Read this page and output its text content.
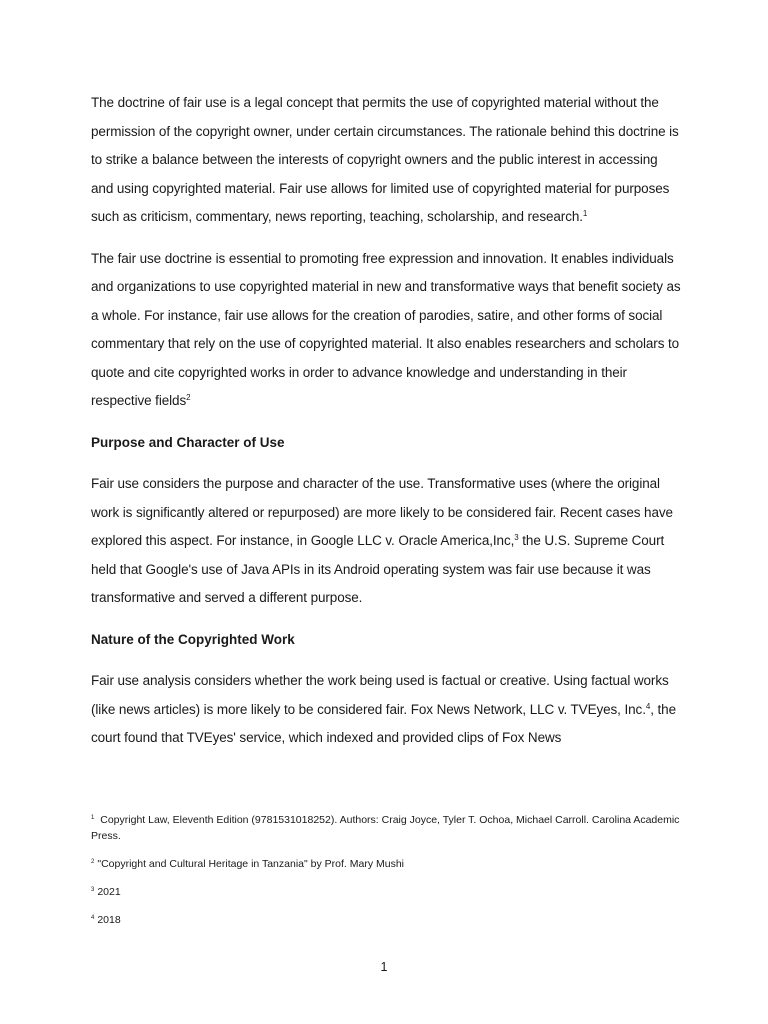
The doctrine of fair use is a legal concept that permits the use of copyrighted material without the permission of the copyright owner, under certain circumstances. The rationale behind this doctrine is to strike a balance between the interests of copyright owners and the public interest in accessing and using copyrighted material. Fair use allows for limited use of copyrighted material for purposes such as criticism, commentary, news reporting, teaching, scholarship, and research.$^1$

The fair use doctrine is essential to promoting free expression and innovation. It enables individuals and organizations to use copyrighted material in new and transformative ways that benefit society as a whole. For instance, fair use allows for the creation of parodies, satire, and other forms of social commentary that rely on the use of copyrighted material. It also enables researchers and scholars to quote and cite copyrighted works in order to advance knowledge and understanding in their respective fields$^2$

Purpose and Character of Use

Fair use considers the purpose and character of the use. Transformative uses (where the original work is significantly altered or repurposed) are more likely to be considered fair. Recent cases have explored this aspect. For instance, in Google LLC v. Oracle America,Inc,$^3$ the U.S. Supreme Court held that Google's use of Java APIs in its Android operating system was fair use because it was transformative and served a different purpose.

Nature of the Copyrighted Work

Fair use analysis considers whether the work being used is factual or creative. Using factual works (like news articles) is more likely to be considered fair. Fox News Network, LLC v. TVEyes, Inc.$^4$, the court found that TVEyes' service, which indexed and provided clips of Fox News

$^1$ Copyright Law, Eleventh Edition (9781531018252). Authors: Craig Joyce, Tyler T. Ochoa, Michael Carroll. Carolina Academic Press.
$^2$ "Copyright and Cultural Heritage in Tanzania" by Prof. Mary Mushi
$^3$ 2021
$^4$ 2018
1
